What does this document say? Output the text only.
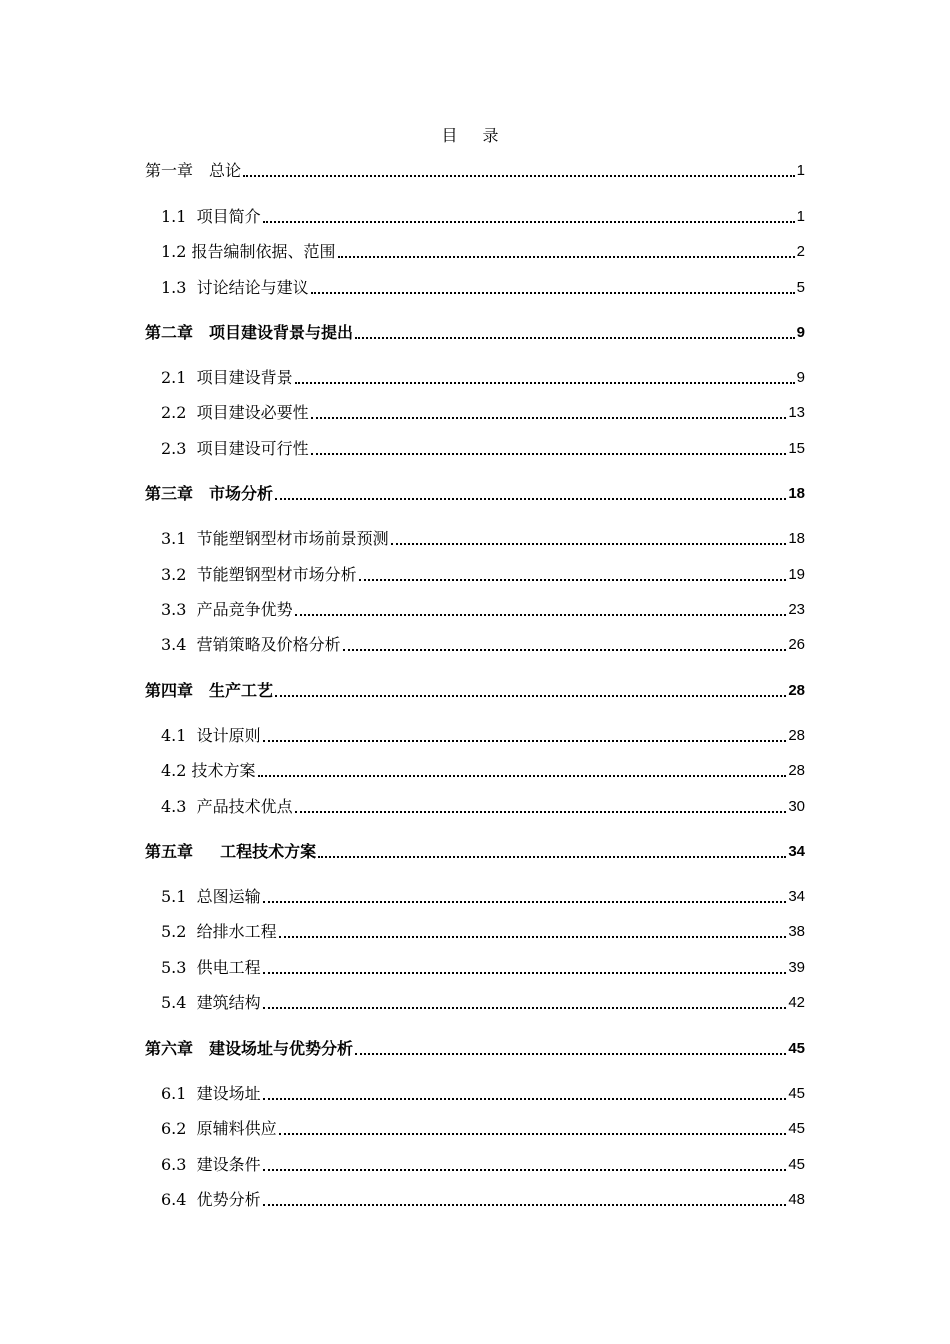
目 录
第一章　总论	1
1.1  项目简介	1
1.2 报告编制依据、范围	2
1.3  讨论结论与建议	5
第二章　项目建设背景与提出	9
2.1  项目建设背景	9
2.2  项目建设必要性	13
2.3  项目建设可行性	15
第三章　市场分析	18
3.1  节能塑钢型材市场前景预测	18
3.2  节能塑钢型材市场分析	19
3.3  产品竞争优势	23
3.4  营销策略及价格分析	26
第四章　生产工艺	28
4.1  设计原则	28
4.2 技术方案	28
4.3  产品技术优点	30
第五章　  工程技术方案	34
5.1  总图运输	34
5.2  给排水工程	38
5.3  供电工程	39
5.4  建筑结构	42
第六章　建设场址与优势分析	45
6.1  建设场址	45
6.2  原辅料供应	45
6.3  建设条件	45
6.4  优势分析	48
